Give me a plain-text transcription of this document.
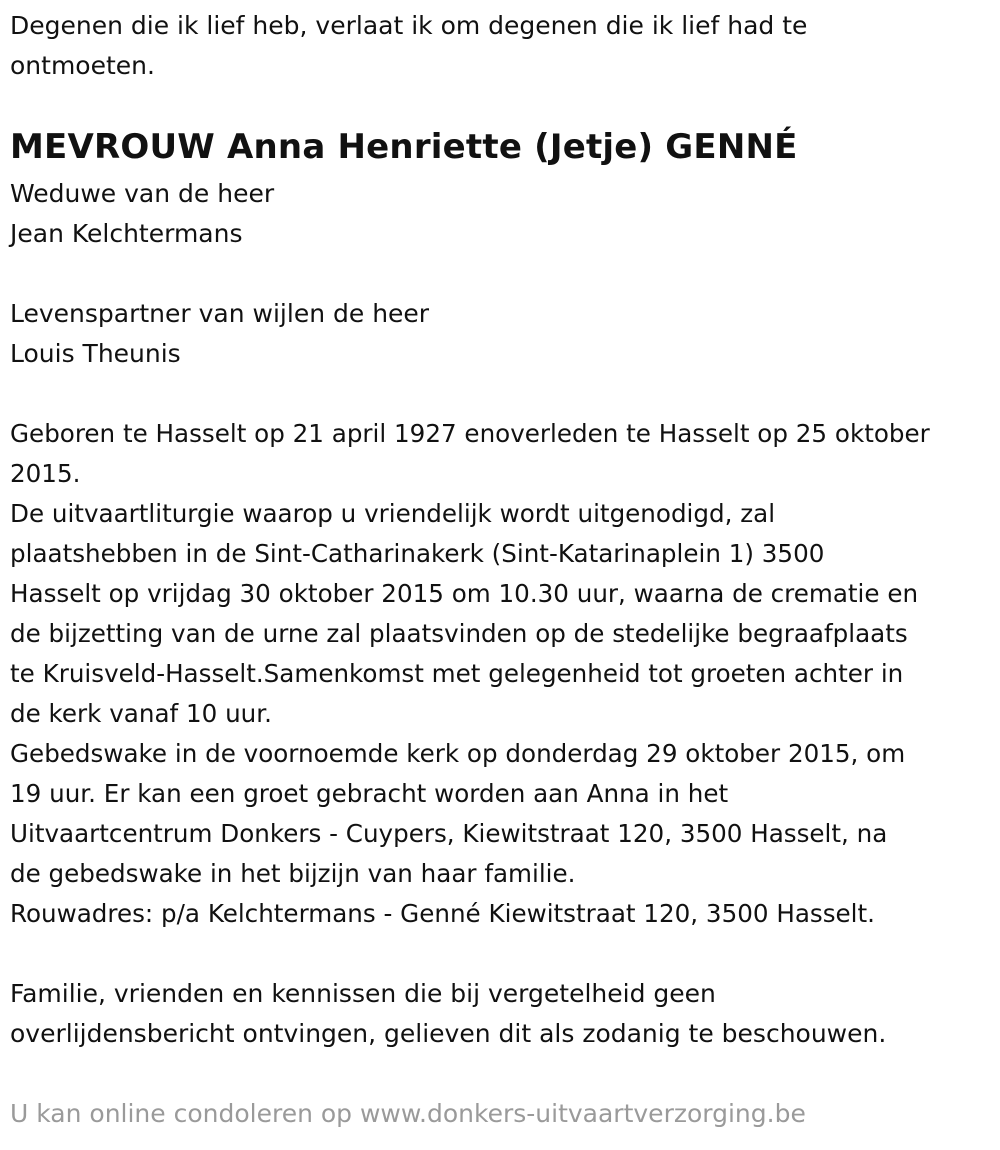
Degenen die ik lief heb, verlaat ik om degenen die ik lief had te
ontmoeten.

MEVROUW Anna Henriette (Jetje) GENNÉ

Weduwe van de heer
Jean Kelchtermans

Levenspartner van wijlen de heer
Louis Theunis

Geboren te Hasselt op 21 april 1927 enoverleden te Hasselt op 25 oktober
2015.
De uitvaartliturgie waarop u vriendelijk wordt uitgenodigd, zal
plaatshebben in de Sint-Catharinakerk (Sint-Katarinaplein 1) 3500
Hasselt op vrijdag 30 oktober 2015 om 10.30 uur, waarna de crematie en
de bijzetting van de urne zal plaatsvinden op de stedelijke begraafplaats
te Kruisveld-Hasselt.Samenkomst met gelegenheid tot groeten achter in
de kerk vanaf 10 uur.
Gebedswake in de voornoemde kerk op donderdag 29 oktober 2015, om
19 uur. Er kan een groet gebracht worden aan Anna in het
Uitvaartcentrum Donkers - Cuypers, Kiewitstraat 120, 3500 Hasselt, na
de gebedswake in het bijzijn van haar familie.
Rouwadres: p/a Kelchtermans - Genné Kiewitstraat 120, 3500 Hasselt.

Familie, vrienden en kennissen die bij vergetelheid geen
overlijdensbericht ontvingen, gelieven dit als zodanig te beschouwen.

U kan online condoleren op www.donkers-uitvaartverzorging.be
